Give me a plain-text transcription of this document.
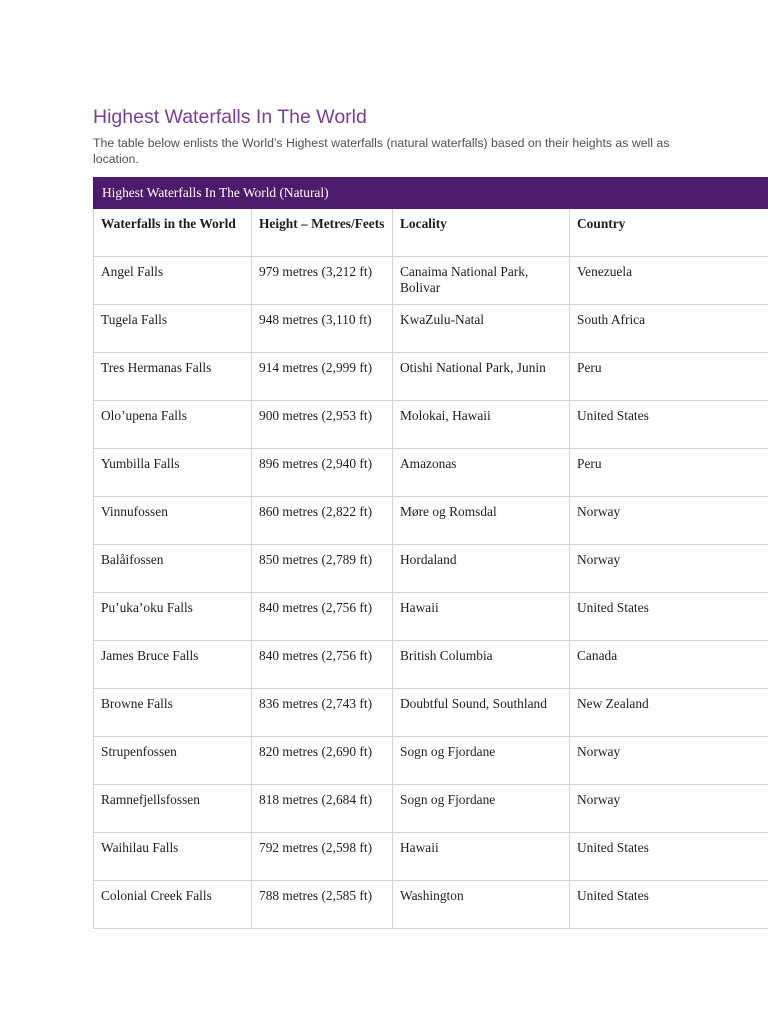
Highest Waterfalls In The World

The table below enlists the World’s Highest waterfalls (natural waterfalls) based on their heights as well as location.

Highest Waterfalls In The World (Natural)			
Waterfalls in the World	Height – Metres/Feets	Locality	Country
Angel Falls	979 metres (3,212 ft)	Canaima National Park, Bolivar	Venezuela
Tugela Falls	948 metres (3,110 ft)	KwaZulu-Natal	South Africa
Tres Hermanas Falls	914 metres (2,999 ft)	Otishi National Park, Junin	Peru
Olo’upena Falls	900 metres (2,953 ft)	Molokai, Hawaii	United States
Yumbilla Falls	896 metres (2,940 ft)	Amazonas	Peru
Vinnufossen	860 metres (2,822 ft)	Møre og Romsdal	Norway
Balåifossen	850 metres (2,789 ft)	Hordaland	Norway
Pu’uka’oku Falls	840 metres (2,756 ft)	Hawaii	United States
James Bruce Falls	840 metres (2,756 ft)	British Columbia	Canada
Browne Falls	836 metres (2,743 ft)	Doubtful Sound, Southland	New Zealand
Strupenfossen	820 metres (2,690 ft)	Sogn og Fjordane	Norway
Ramnefjellsfossen	818 metres (2,684 ft)	Sogn og Fjordane	Norway
Waihilau Falls	792 metres (2,598 ft)	Hawaii	United States
Colonial Creek Falls	788 metres (2,585 ft)	Washington	United States
